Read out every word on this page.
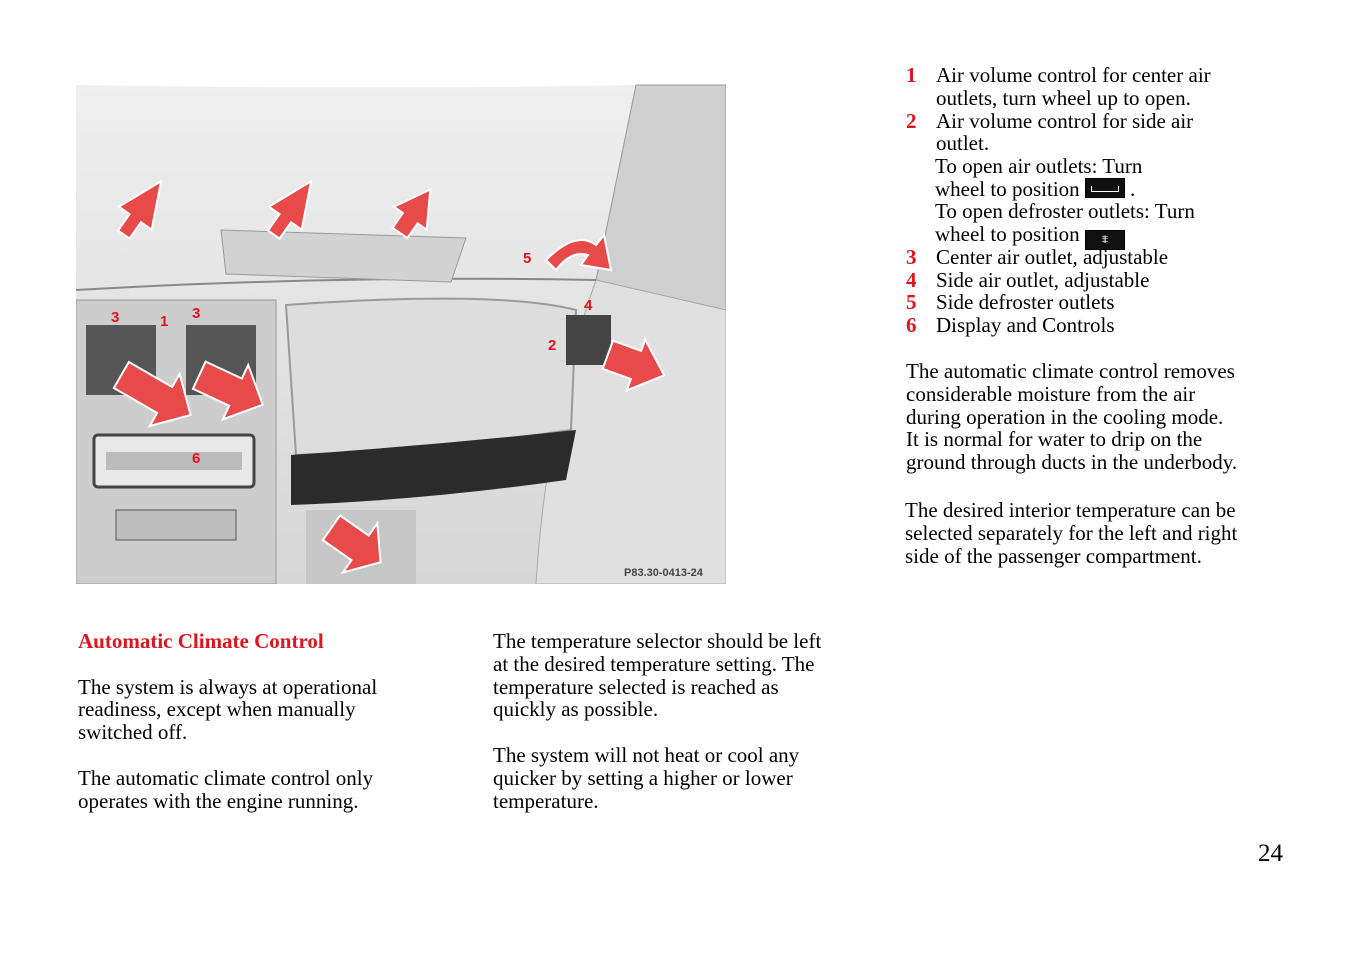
1
2
3	3	4
5
6
P83.30-0413-24
1 Air volume control for center air
outlets, turn wheel up to open.
2 Air volume control for side air
outlet.
To open air outlets: Turn
wheel to position .
To open defroster outlets: Turn
wheel to position ⩨
3 Center air outlet, adjustable
4 Side air outlet, adjustable
5 Side defroster outlets
6 Display and Controls

The automatic climate control removes

considerable moisture from the air

during operation in the cooling mode.

It is normal for water to drip on the

ground through ducts in the underbody.

The desired interior temperature can be

selected separately for the left and right

side of the passenger compartment.

Automatic Climate Control

The system is always at operational
readiness, except when manually
switched off.

The automatic climate control only
operates with the engine running.

The temperature selector should be left
at the desired temperature setting. The
temperature selected is reached as
quickly as possible.

The system will not heat or cool any
quicker by setting a higher or lower
temperature.

24
